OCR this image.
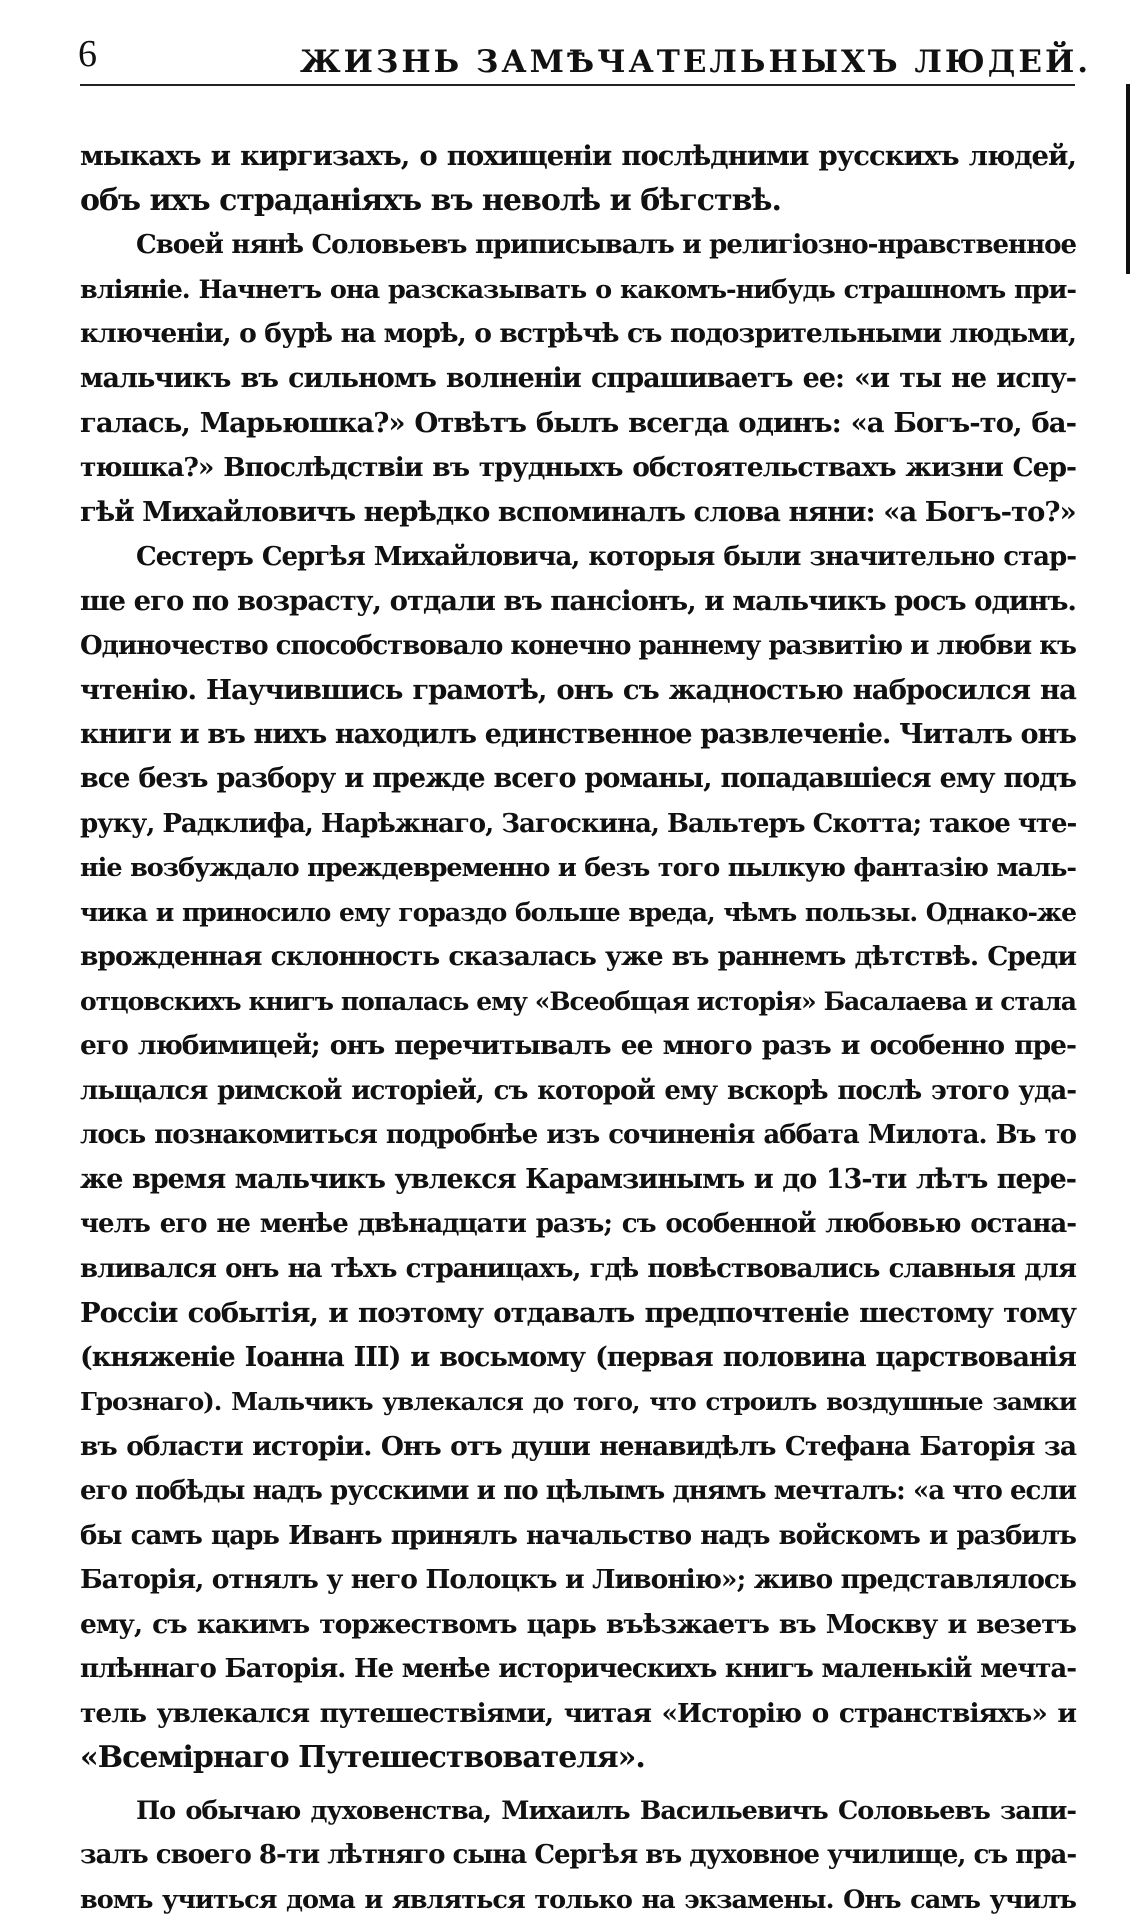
6	ЖИЗНЬ ЗАМѢЧАТЕЛЬНЫХЪ ЛЮДЕЙ.
мыкахъ и киргизахъ, о похищеніи послѣдними русскихъ людей,
объ ихъ страданіяхъ въ неволѣ и бѣгствѣ.
Своей нянѣ Соловьевъ приписывалъ и религіозно-нравственное
вліяніе. Начнетъ она разсказывать о какомъ-нибудь страшномъ при-
ключеніи, о бурѣ на морѣ, о встрѣчѣ съ подозрительными людьми,
мальчикъ въ сильномъ волненіи спрашиваетъ ее: «и ты не испу-
галась, Марьюшка?» Отвѣтъ былъ всегда одинъ: «а Богъ-то, ба-
тюшка?» Впослѣдствіи въ трудныхъ обстоятельствахъ жизни Сер-
гѣй Михайловичъ нерѣдко вспоминалъ слова няни: «а Богъ-то?»
Сестеръ Сергѣя Михайловича, которыя были значительно стар-
ше его по возрасту, отдали въ пансіонъ, и мальчикъ росъ одинъ.
Одиночество способствовало конечно раннему развитію и любви къ
чтенію. Научившись грамотѣ, онъ съ жадностью набросился на
книги и въ нихъ находилъ единственное развлеченіе. Читалъ онъ
все безъ разбору и прежде всего романы, попадавшіеся ему подъ
руку, Радклифа, Нарѣжнаго, Загоскина, Вальтеръ Скотта; такое чте-
ніе возбуждало преждевременно и безъ того пылкую фантазію маль-
чика и приносило ему гораздо больше вреда, чѣмъ пользы. Однако-же
врожденная склонность сказалась уже въ раннемъ дѣтствѣ. Среди
отцовскихъ книгъ попалась ему «Всеобщая исторія» Басалаева и стала
его любимицей; онъ перечитывалъ ее много разъ и особенно пре-
льщался римской исторіей, съ которой ему вскорѣ послѣ этого уда-
лось познакомиться подробнѣе изъ сочиненія аббата Милота. Въ то
же время мальчикъ увлекся Карамзинымъ и до 13-ти лѣтъ пере-
челъ его не менѣе двѣнадцати разъ; съ особенной любовью остана-
вливался онъ на тѣхъ страницахъ, гдѣ повѣствовались славныя для
Россіи событія, и поэтому отдавалъ предпочтеніе шестому тому
(княженіе Іоанна III) и восьмому (первая половина царствованія
Грознаго). Мальчикъ увлекался до того, что строилъ воздушные замки
въ области исторіи. Онъ отъ души ненавидѣлъ Стефана Баторія за
его побѣды надъ русскими и по цѣлымъ днямъ мечталъ: «а что если
бы самъ царь Иванъ принялъ начальство надъ войскомъ и разбилъ
Баторія, отнялъ у него Полоцкъ и Ливонію»; живо представлялось
ему, съ какимъ торжествомъ царь въѣзжаетъ въ Москву и везетъ
плѣннаго Баторія. Не менѣе историческихъ книгъ маленькій мечта-
тель увлекался путешествіями, читая «Исторію о странствіяхъ» и
«Всемірнаго Путешествователя».
По обычаю духовенства, Михаилъ Васильевичъ Соловьевъ запи-
залъ своего 8-ти лѣтняго сына Сергѣя въ духовное училище, съ пра-
вомъ учиться дома и являться только на экзамены. Онъ самъ училъ
